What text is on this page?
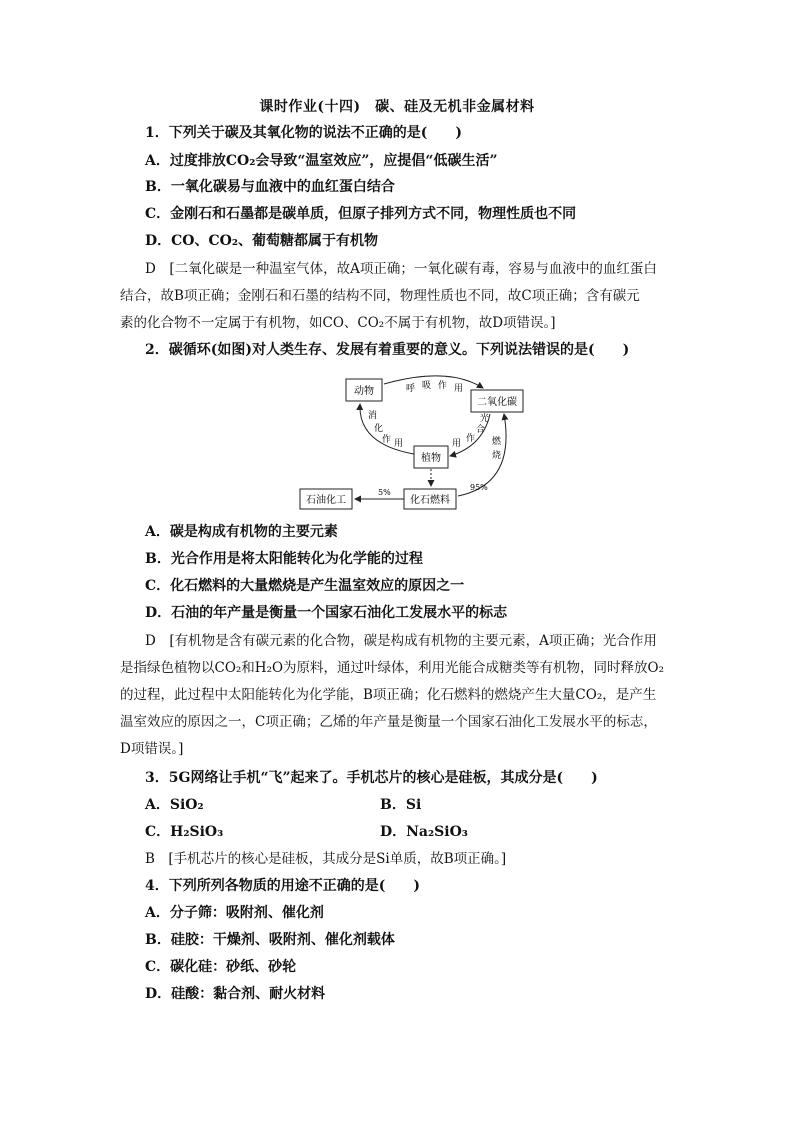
课时作业(十四)　碳、硅及无机非金属材料
1．下列关于碳及其氧化物的说法不正确的是(　　)
A．过度排放CO₂会导致“温室效应”，应提倡“低碳生活”
B．一氧化碳易与血液中的血红蛋白结合
C．金刚石和石墨都是碳单质，但原子排列方式不同，物理性质也不同
D．CO、CO₂、葡萄糖都属于有机物
D　[二氧化碳是一种温室气体，故A项正确；一氧化碳有毒，容易与血液中的血红蛋白
结合，故B项正确；金刚石和石墨的结构不同，物理性质也不同，故C项正确；含有碳元
素的化合物不一定属于有机物，如CO、CO₂不属于有机物，故D项错误。]
2．碳循环(如图)对人类生存、发展有着重要的意义。下列说法错误的是(　　)
动物
二氧化碳
植物
化石燃料
石油化工
呼 吸 作 用
消
化
作 用
光
合
作
用	燃
烧
95%
5%
A．碳是构成有机物的主要元素
B．光合作用是将太阳能转化为化学能的过程
C．化石燃料的大量燃烧是产生温室效应的原因之一
D．石油的年产量是衡量一个国家石油化工发展水平的标志
D　[有机物是含有碳元素的化合物，碳是构成有机物的主要元素，A项正确；光合作用
是指绿色植物以CO₂和H₂O为原料，通过叶绿体，利用光能合成糖类等有机物，同时释放O₂
的过程，此过程中太阳能转化为化学能，B项正确；化石燃料的燃烧产生大量CO₂，是产生
温室效应的原因之一，C项正确；乙烯的年产量是衡量一个国家石油化工发展水平的标志，
D项错误。]
3．5G网络让手机“飞”起来了。手机芯片的核心是硅板，其成分是(　　)
A．SiO₂	B．Si
C．H₂SiO₃	D．Na₂SiO₃
B　[手机芯片的核心是硅板，其成分是Si单质，故B项正确。]
4．下列所列各物质的用途不正确的是(　　)
A．分子筛：吸附剂、催化剂
B．硅胶：干燥剂、吸附剂、催化剂载体
C．碳化硅：砂纸、砂轮
D．硅酸：黏合剂、耐火材料
